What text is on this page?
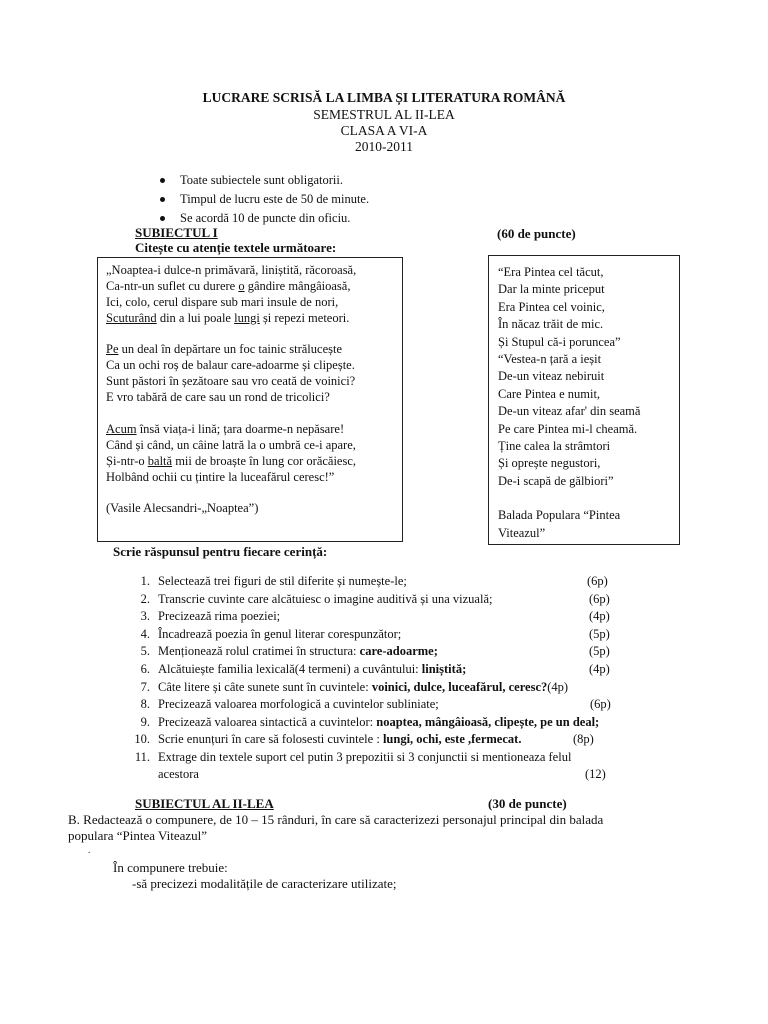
LUCRARE SCRISĂ LA LIMBA ȘI LITERATURA ROMÂNĂ
SEMESTRUL AL II-LEA
CLASA A VI-A
2010-2011
Toate subiectele sunt obligatorii.
Timpul de lucru este de 50 de minute.
Se acordă 10 de puncte din oficiu.
SUBIECTUL I	(60 de puncte)
Citește cu atenție textele următoare:
„Noaptea-i dulce-n primăvară, liniștită, răcoroasă,
Ca-ntr-un suflet cu durere o gândire mângâioasă,
Ici, colo, cerul dispare sub mari insule de nori,
Scuturând din a lui poale lungi și repezi meteori.
Pe un deal în depărtare un foc tainic strălucește
Ca un ochi roș de balaur care-adoarme și clipește.
Sunt păstori în șezătoare sau vro ceată de voinici?
E vro tabără de care sau un rond de tricolici?
Acum însă viața-i lină; țara doarme-n nepăsare!
Când și când, un câine latră la o umbră ce-i apare,
Și-ntr-o baltă mii de broaște în lung cor orăcăiesc,
Holbând ochii cu țintire la luceafărul ceresc!”
(Vasile Alecsandri-„Noaptea”)
“Era Pintea cel tăcut,
Dar la minte priceput
Era Pintea cel voinic,
În năcaz trăit de mic.
Și Stupul că-i poruncea”
“Vestea-n țară a ieșit
De-un viteaz nebiruit
Care Pintea e numit,
De-un viteaz afar' din seamă
Pe care Pintea mi-l cheamă.
Ține calea la strâmtori
Și oprește negustori,
De-i scapă de gălbiori”
Balada Populara “Pintea
Viteazul”
Scrie răspunsul pentru fiecare cerință:
1. Selectează trei figuri de stil diferite și numește-le;	(6p)
2. Transcrie cuvinte care alcătuiesc o imagine auditivă și una vizuală;	(6p)
3. Precizează rima poeziei;	(4p)
4. Încadrează poezia în genul literar corespunzător;	(5p)
5. Menționează rolul cratimei în structura: care-adoarme;	(5p)
6. Alcătuiește familia lexicală(4 termeni) a cuvântului: liniștită;	(4p)
7. Câte litere și câte sunete sunt în cuvintele: voinici, dulce, luceafărul, ceresc?(4p)
8. Precizează valoarea morfologică a cuvintelor subliniate;	(6p)
9. Precizează valoarea sintactică a cuvintelor: noaptea, mângâioasă, clipește, pe un deal;
10. Scrie enunțuri în care să folosesti cuvintele : lungi, ochi, este ,fermecat.	(8p)
11. Extrage din textele suport cel putin 3 prepozitii si 3 conjunctii si mentioneaza felul
acestora	(12)
SUBIECTUL AL II-LEA	(30 de puncte)
B. Redactează o compunere, de 10 – 15 rânduri, în care să caracterizezi personajul principal din balada
populara “Pintea Viteazul”
.
În compunere trebuie:
-să precizezi modalitățile de caracterizare utilizate;
